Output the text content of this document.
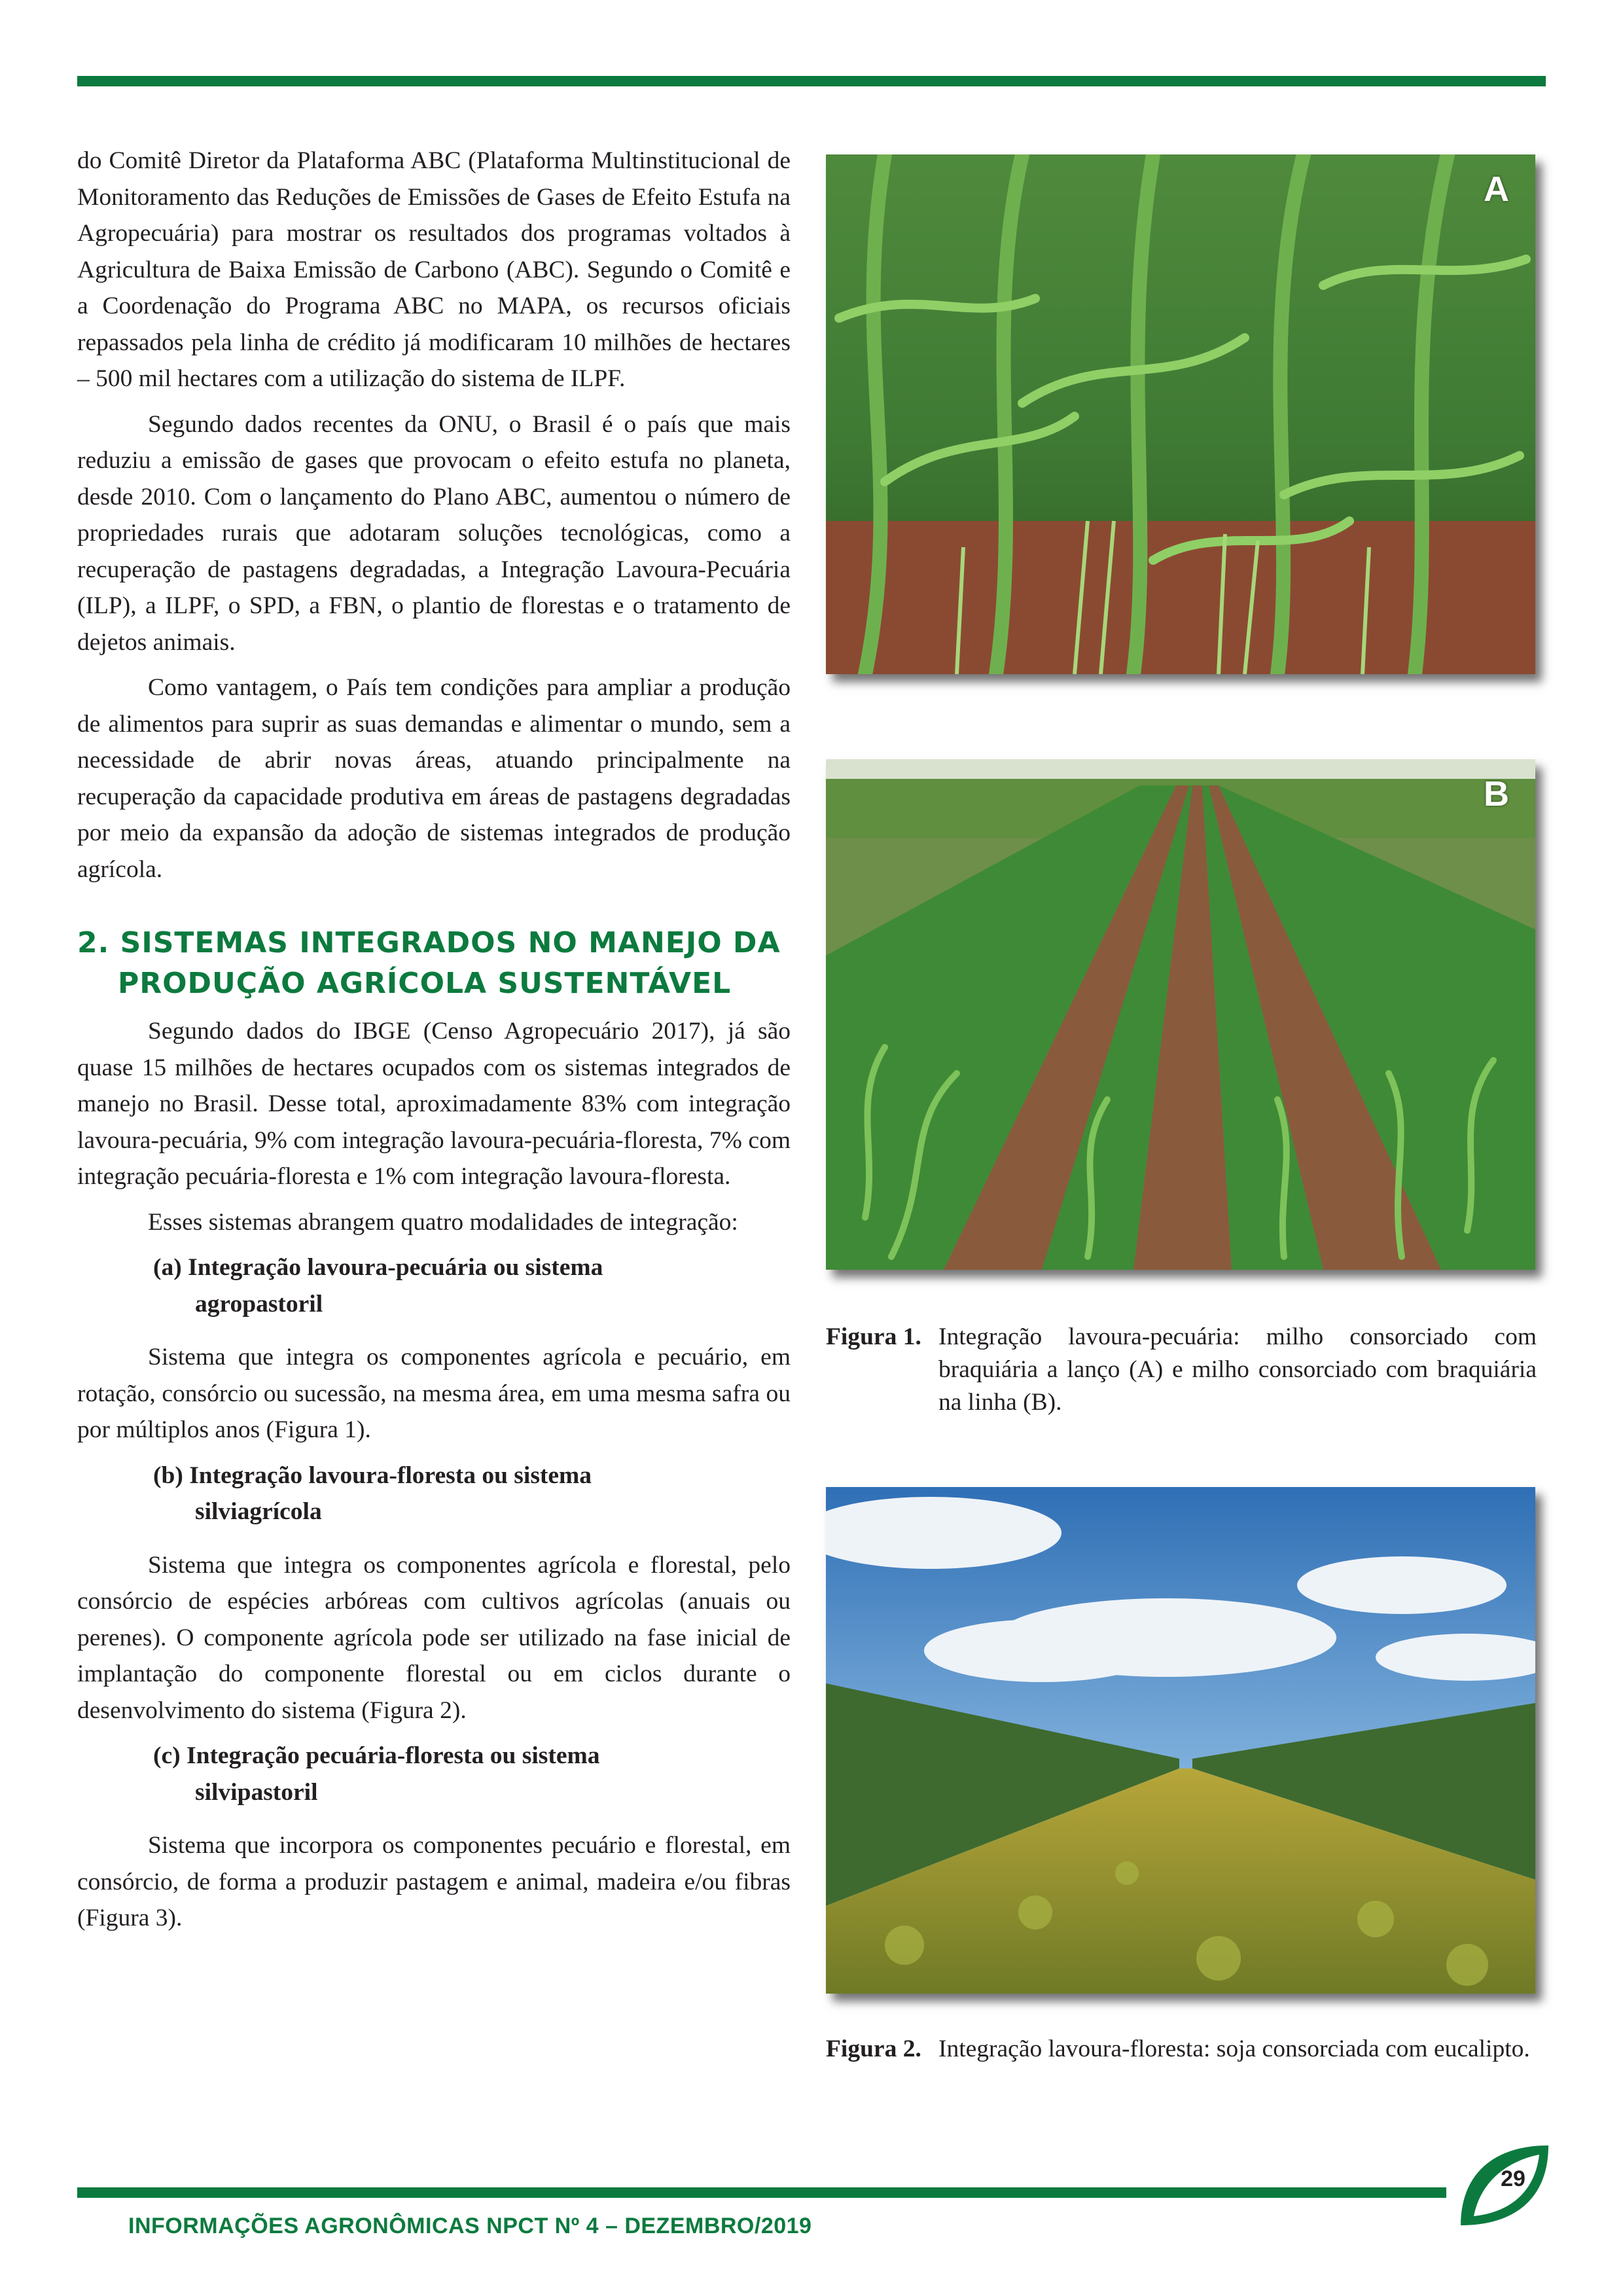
do Comitê Diretor da Plataforma ABC (Plataforma Multinstitucional de Monitoramento das Reduções de Emissões de Gases de Efeito Estufa na Agropecuária) para mostrar os resultados dos programas voltados à Agricultura de Baixa Emissão de Carbono (ABC). Segundo o Comitê e a Coordenação do Programa ABC no MAPA, os recursos oficiais repassados pela linha de crédito já modificaram 10 milhões de hectares – 500 mil hectares com a utilização do sistema de ILPF.

Segundo dados recentes da ONU, o Brasil é o país que mais reduziu a emissão de gases que provocam o efeito estufa no planeta, desde 2010. Com o lançamento do Plano ABC, aumentou o número de propriedades rurais que adotaram soluções tecnológicas, como a recuperação de pastagens degradadas, a Integração Lavoura-Pecuária (ILP), a ILPF, o SPD, a FBN, o plantio de florestas e o tratamento de dejetos animais.

Como vantagem, o País tem condições para ampliar a produção de alimentos para suprir as suas demandas e alimentar o mundo, sem a necessidade de abrir novas áreas, atuando principalmente na recuperação da capacidade produtiva em áreas de pastagens degradadas por meio da expansão da adoção de sistemas integrados de produção agrícola.

2. SISTEMAS INTEGRADOS NO MANEJO DA
PRODUÇÃO AGRÍCOLA SUSTENTÁVEL

Segundo dados do IBGE (Censo Agropecuário 2017), já são quase 15 milhões de hectares ocupados com os sistemas integrados de manejo no Brasil. Desse total, aproximadamente 83% com integração lavoura-pecuária, 9% com integração lavoura-pecuária-floresta, 7% com integração pecuária-floresta e 1% com integração lavoura-floresta.

Esses sistemas abrangem quatro modalidades de integração:

(a) Integração lavoura-pecuária ou sistema
agropastoril

Sistema que integra os componentes agrícola e pecuário, em rotação, consórcio ou sucessão, na mesma área, em uma mesma safra ou por múltiplos anos (Figura 1).

(b) Integração lavoura-floresta ou sistema
silviagrícola

Sistema que integra os componentes agrícola e florestal, pelo consórcio de espécies arbóreas com cultivos agrícolas (anuais ou perenes). O componente agrícola pode ser utilizado na fase inicial de implantação do componente florestal ou em ciclos durante o desenvolvimento do sistema (Figura 2).

(c) Integração pecuária-floresta ou sistema
silvipastoril

Sistema que incorpora os componentes pecuário e florestal, em consórcio, de forma a produzir pastagem e animal, madeira e/ou fibras (Figura 3).

A
B

Figura 1. Integração lavoura-pecuária: milho consorciado com braquiária a lanço (A) e milho consorciado com braquiária na linha (B).

Figura 2. Integração lavoura-floresta: soja consorciada com eucalipto.

29
INFORMAÇÕES AGRONÔMICAS NPCT Nº 4 – DEZEMBRO/2019
